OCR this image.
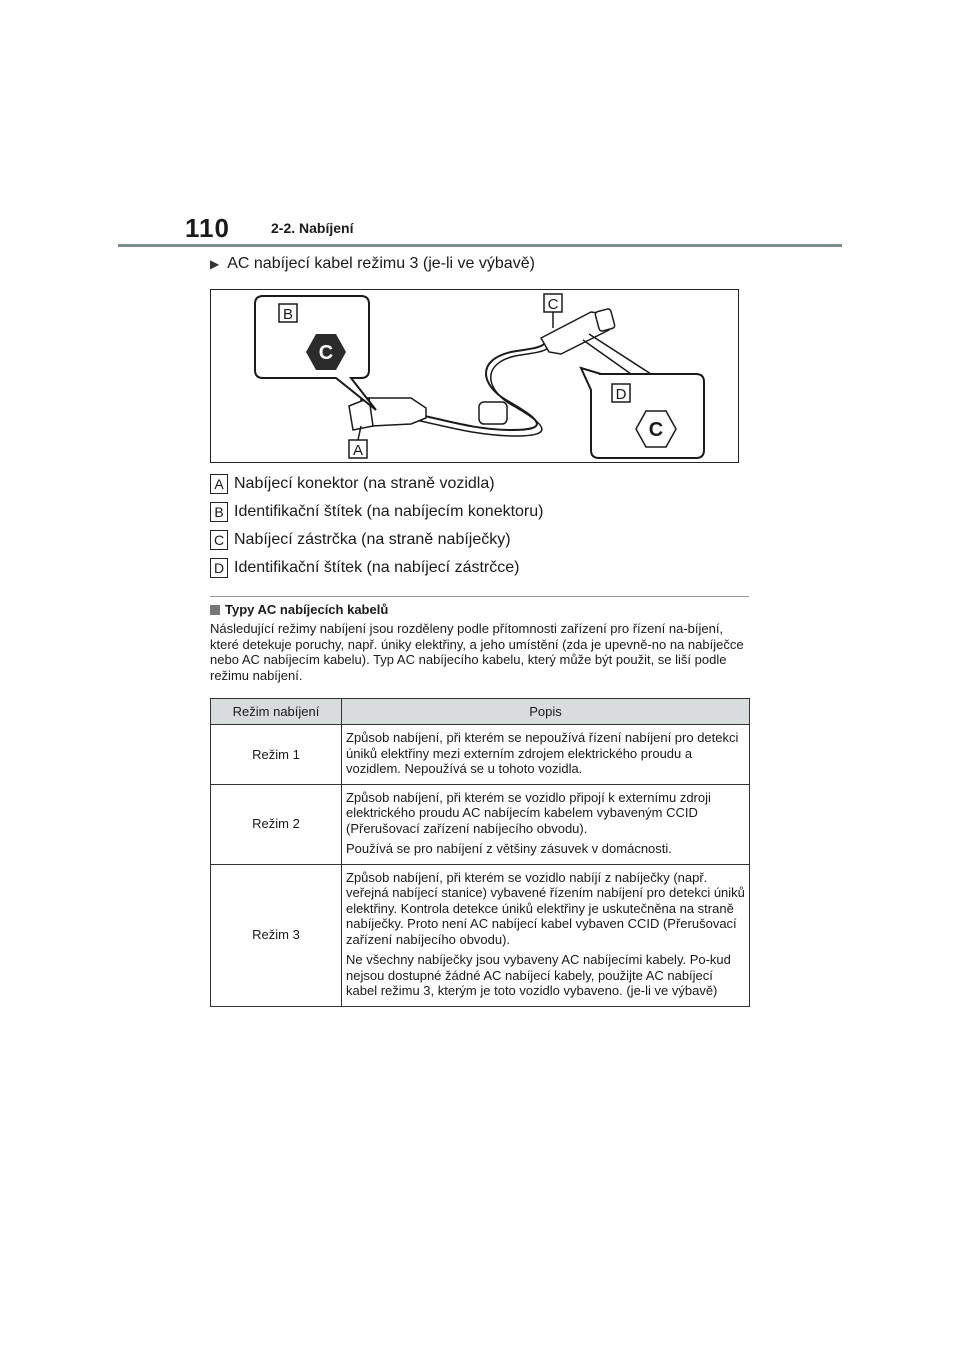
110	2-2. Nabíjení
▶ AC nabíjecí kabel režimu 3 (je-li ve výbavě)
C
C
B
C
D
A
A Nabíjecí konektor (na straně vozidla)
B Identifikační štítek (na nabíjecím konektoru)
C Nabíjecí zástrčka (na straně nabíječky)
D Identifikační štítek (na nabíjecí zástrčce)
Typy AC nabíjecích kabelů
Následující režimy nabíjení jsou rozděleny podle přítomnosti zařízení pro řízení na-bíjení, které detekuje poruchy, např. úniky elektřiny, a jeho umístění (zda je upevně-no na nabíječce nebo AC nabíjecím kabelu). Typ AC nabíjecího kabelu, který může být použit, se liší podle režimu nabíjení.
Režim nabíjení	Popis
Režim 1	Způsob nabíjení, při kterém se nepoužívá řízení nabíjení pro detekci úniků elektřiny mezi externím zdrojem elektrického proudu a vozidlem. Nepoužívá se u tohoto vozidla.

Režim 2	Způsob nabíjení, při kterém se vozidlo připojí k externímu zdroji elektrického proudu AC nabíjecím kabelem vybaveným CCID (Přerušovací zařízení nabíjecího obvodu).

Používá se pro nabíjení z většiny zásuvek v domácnosti.

Režim 3	Způsob nabíjení, při kterém se vozidlo nabíjí z nabíječky (např. veřejná nabíjecí stanice) vybavené řízením nabíjení pro detekci úniků elektřiny. Kontrola detekce úniků elektřiny je uskutečněna na straně nabíječky. Proto není AC nabíjecí kabel vybaven CCID (Přerušovací zařízení nabíjecího obvodu).

Ne všechny nabíječky jsou vybaveny AC nabíjecími kabely. Po-kud nejsou dostupné žádné AC nabíjecí kabely, použijte AC nabíjecí kabel režimu 3, kterým je toto vozidlo vybaveno. (je-li ve výbavě)
